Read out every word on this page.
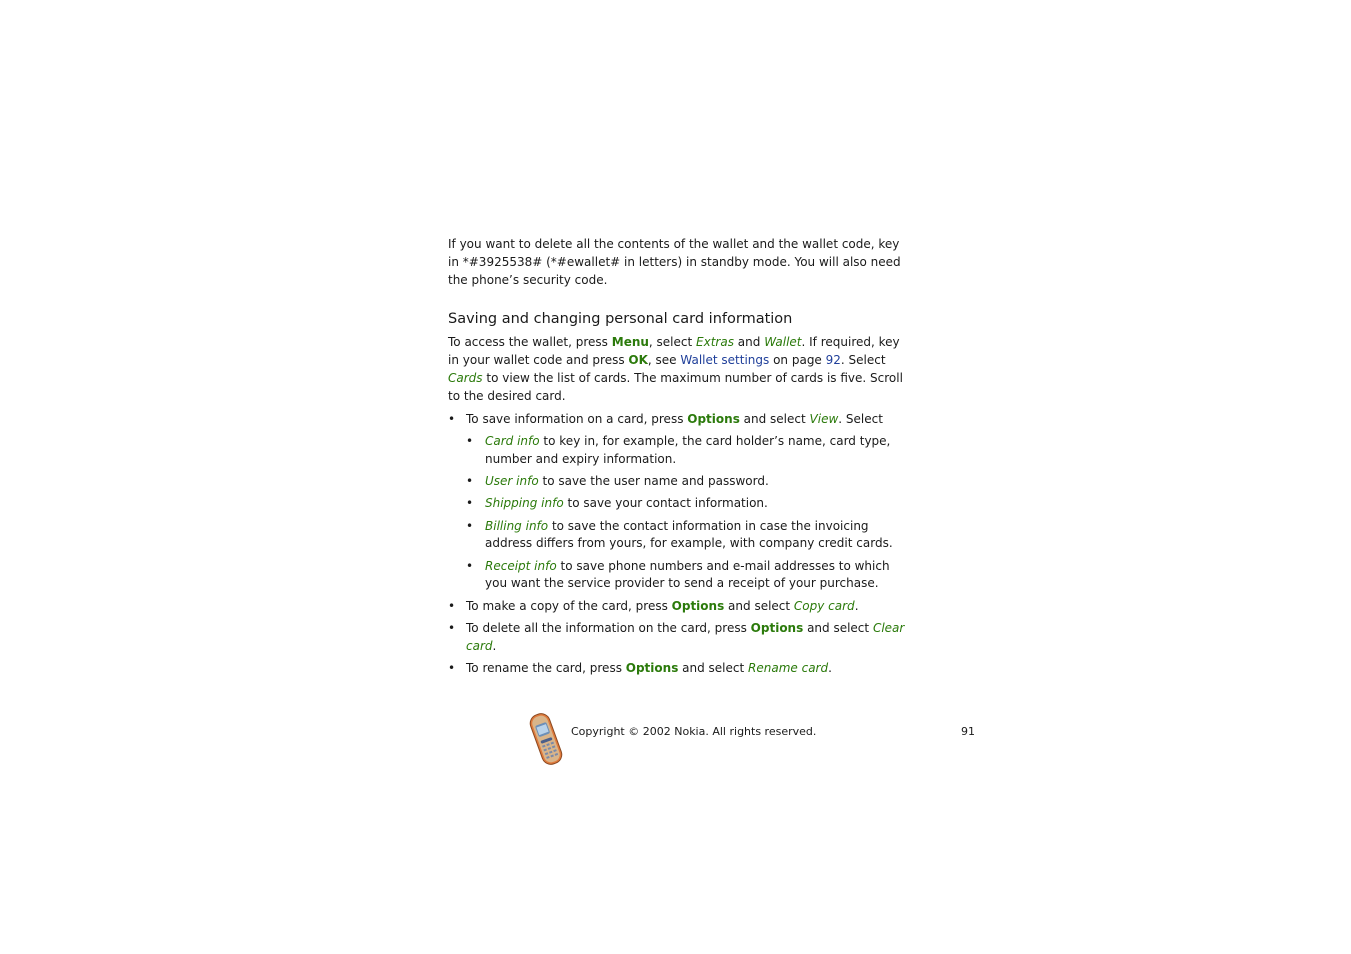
If you want to delete all the contents of the wallet and the wallet code, key in *#3925538# (*#ewallet# in letters) in standby mode. You will also need the phone’s security code.

Saving and changing personal card information

To access the wallet, press Menu, select Extras and Wallet. If required, key in your wallet code and press OK, see Wallet settings on page 92. Select Cards to view the list of cards. The maximum number of cards is five. Scroll to the desired card.

• To save information on a card, press Options and select View. Select
• Card info to key in, for example, the card holder’s name, card type, number and expiry information.
• User info to save the user name and password.
• Shipping info to save your contact information.
• Billing info to save the contact information in case the invoicing address differs from yours, for example, with company credit cards.
• Receipt info to save phone numbers and e-mail addresses to which you want the service provider to send a receipt of your purchase.
• To make a copy of the card, press Options and select Copy card.
• To delete all the information on the card, press Options and select Clear card.
• To rename the card, press Options and select Rename card.
Copyright © 2002 Nokia. All rights reserved.	91
